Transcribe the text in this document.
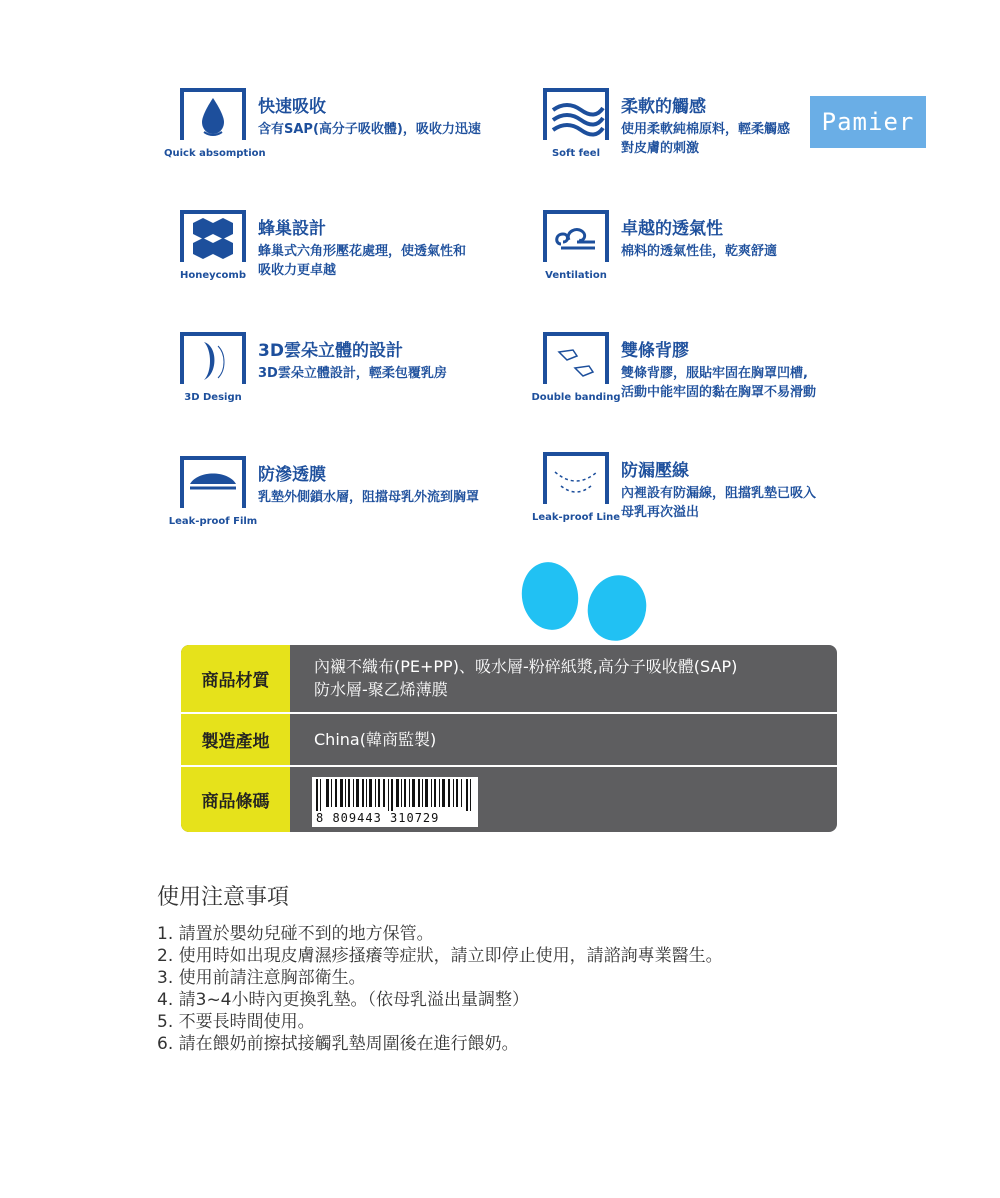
Quick absomption
快速吸收
含有SAP(高分子吸收體)，吸收力迅速
Soft feel
柔軟的觸感
使用柔軟純棉原料，輕柔觸感
對皮膚的刺激
Pamier
Honeycomb
蜂巢設計
蜂巢式六角形壓花處理，使透氣性和
吸收力更卓越	Ventilation
卓越的透氣性
棉料的透氣性佳，乾爽舒適
3D Design
3D雲朵立體的設計
3D雲朵立體設計，輕柔包覆乳房
Double banding
雙條背膠
雙條背膠，服貼牢固在胸罩凹槽,
活動中能牢固的黏在胸罩不易滑動
Leak-proof Film
防滲透膜
乳墊外側鎖水層，阻擋母乳外流到胸罩
Leak-proof Line
防漏壓線
內裡設有防漏線，阻擋乳墊已吸入
母乳再次溢出
商品材質
內襯不織布(PE+PP)、吸水層-粉碎紙漿,高分子吸收體(SAP)
防水層-聚乙烯薄膜
製造產地	China(韓商監製)
商品條碼
8 809443 310729
使用注意事項
1. 請置於嬰幼兒碰不到的地方保管。
2. 使用時如出現皮膚濕疹搔癢等症狀，請立即停止使用，請諮詢專業醫生。
3. 使用前請注意胸部衛生。
4. 請3~4小時內更換乳墊。（依母乳溢出量調整）
5. 不要長時間使用。
6. 請在餵奶前擦拭接觸乳墊周圍後在進行餵奶。
